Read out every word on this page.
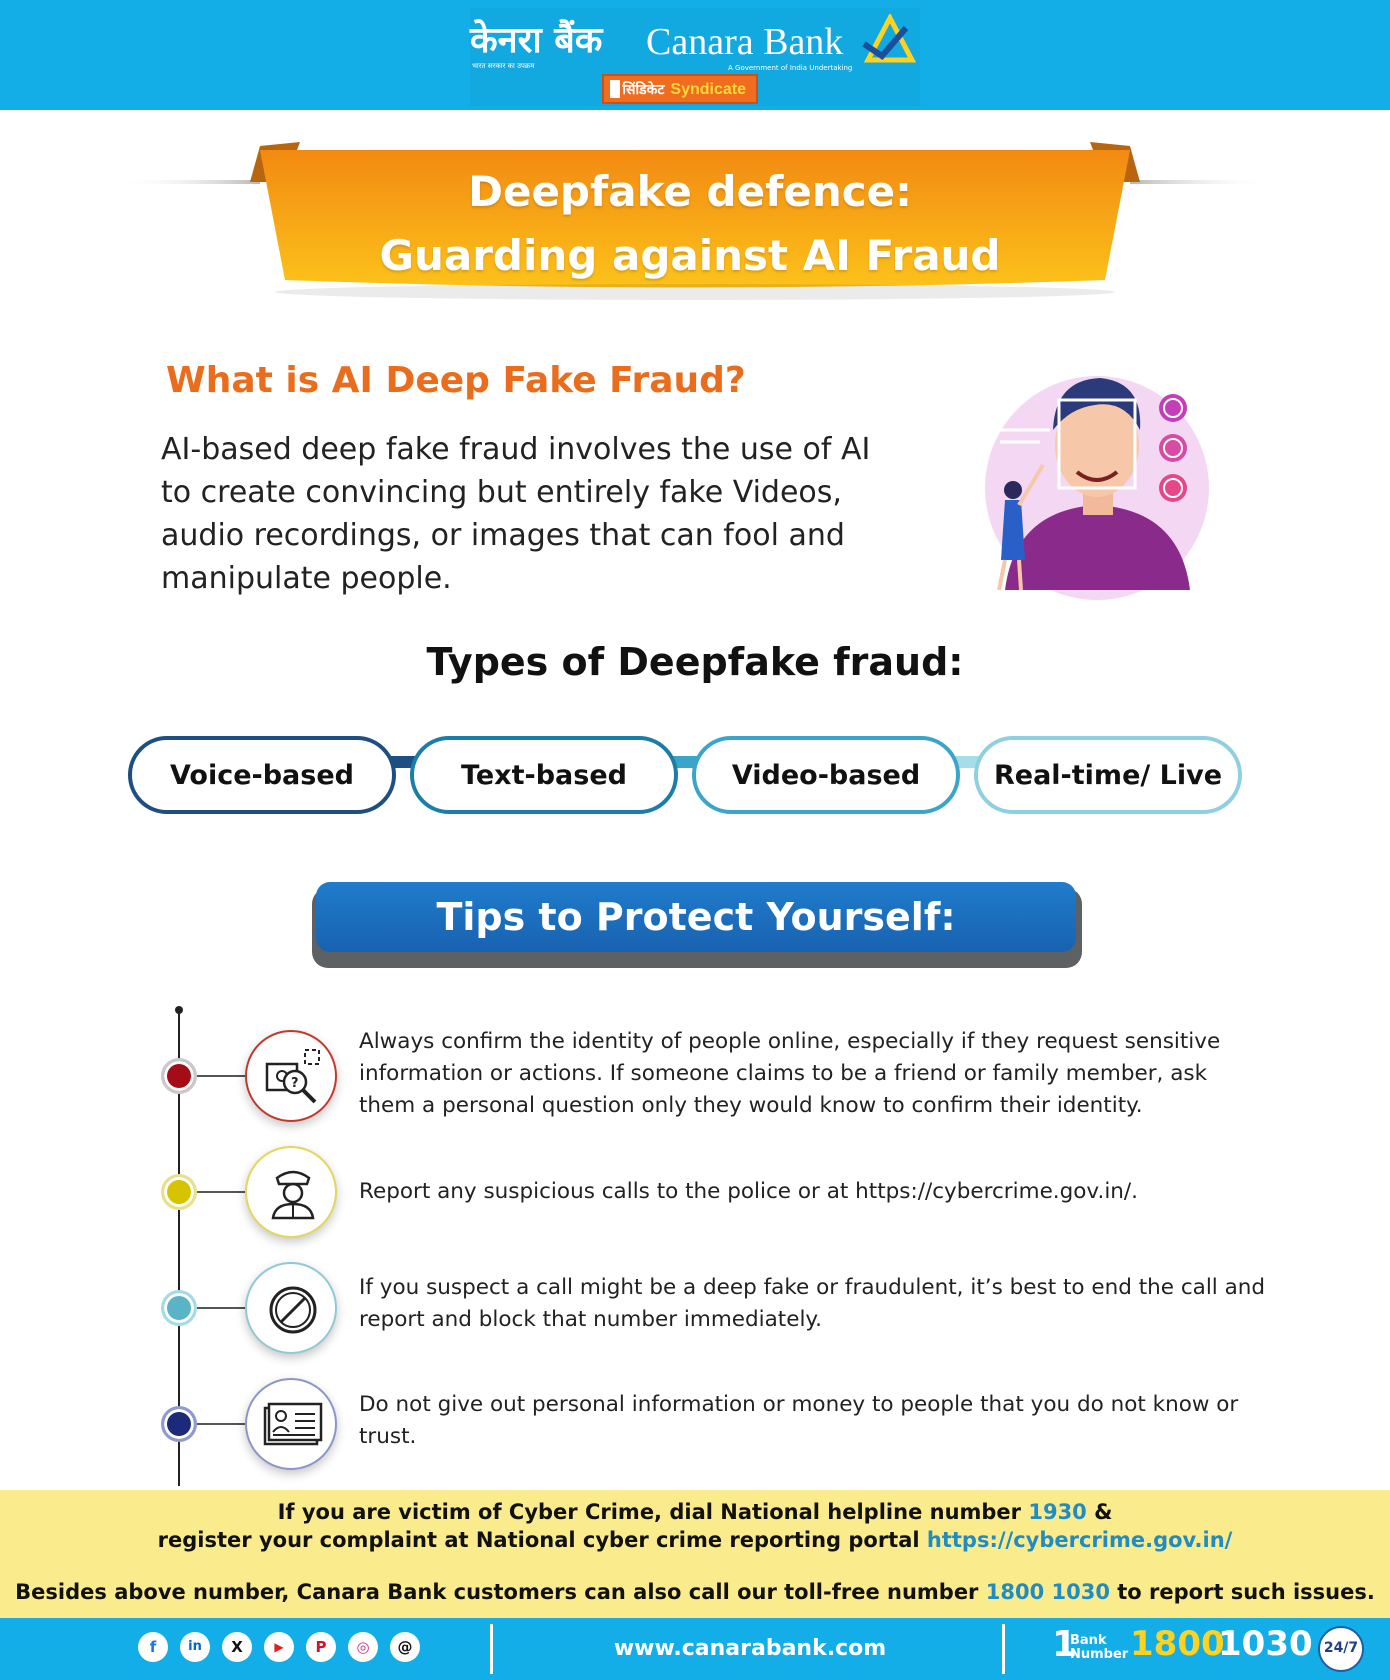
केनरा बैंक
भारत सरकार का उपक्रम
Canara Bank
A Government of India Undertaking
सिंडिकेट Syndicate
Deepfake defence:
Guarding against AI Fraud
What is AI Deep Fake Fraud?
AI-based deep fake fraud involves the use of AI to create convincing but entirely fake Videos, audio recordings, or images that can fool and manipulate people.
Types of Deepfake fraud:
Voice-based	Text-based	Video-based	Real-time/ Live
Tips to Protect Yourself:
?
Always confirm the identity of people online, especially if they request sensitive information or actions. If someone claims to be a friend or family member, ask them a personal question only they would know to confirm their identity.
Report any suspicious calls to the police or at https://cybercrime.gov.in/.
If you suspect a call might be a deep fake or fraudulent, it’s best to end the call and report and block that number immediately.
Do not give out personal information or money to people that you do not know or trust.
If you are victim of Cyber Crime, dial National helpline number 1930 &
register your complaint at National cyber crime reporting portal https://cybercrime.gov.in/
Besides above number, Canara Bank customers can also call our toll-free number 1800 1030 to report such issues.
f	in	X	▶	P	◎	@	www.canarabank.com	1
Bank
Number 1800
1030 24/7
